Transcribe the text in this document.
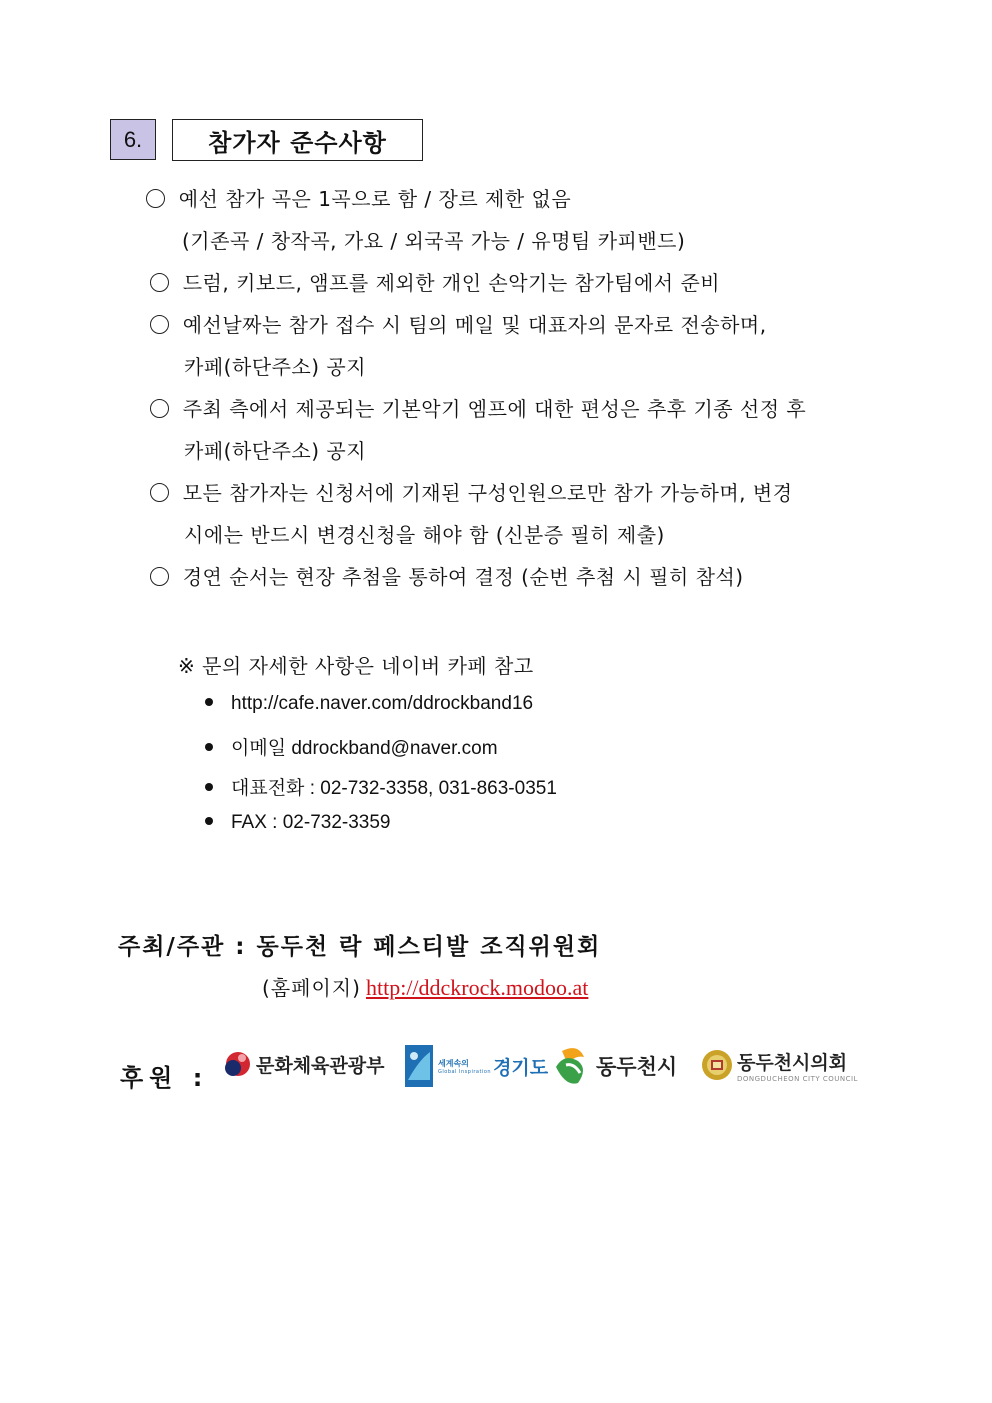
6.	참가자 준수사항
예선 참가 곡은 1곡으로 함 / 장르 제한 없음
(기존곡 / 창작곡, 가요 / 외국곡 가능 / 유명팀 카피밴드)
드럼, 키보드, 앰프를 제외한 개인 손악기는 참가팀에서 준비
예선날짜는 참가 접수 시 팀의 메일 및 대표자의 문자로 전송하며,
카페(하단주소) 공지
주최 측에서 제공되는 기본악기 엠프에 대한 편성은 추후 기종 선정 후
카페(하단주소) 공지
모든 참가자는 신청서에 기재된 구성인원으로만 참가 가능하며, 변경
시에는 반드시 변경신청을 해야 함 (신분증 필히 제출)
경연 순서는 현장 추첨을 통하여 결정 (순번 추첨 시 필히 참석)
※ 문의 자세한 사항은 네이버 카페 참고
http://cafe.naver.com/ddrockband16
이메일 ddrockband@naver.com
대표전화 : 02-732-3358, 031-863-0351
FAX : 02-732-3359
주최/주관 : 동두천 락 페스티발 조직위원회
(홈페이지) http://ddckrock.modoo.at
후원 :	문화체육관광부	세계속의
Global Inspiration 경기도 동두천시	동두천시의회
DONGDUCHEON CITY COUNCIL
